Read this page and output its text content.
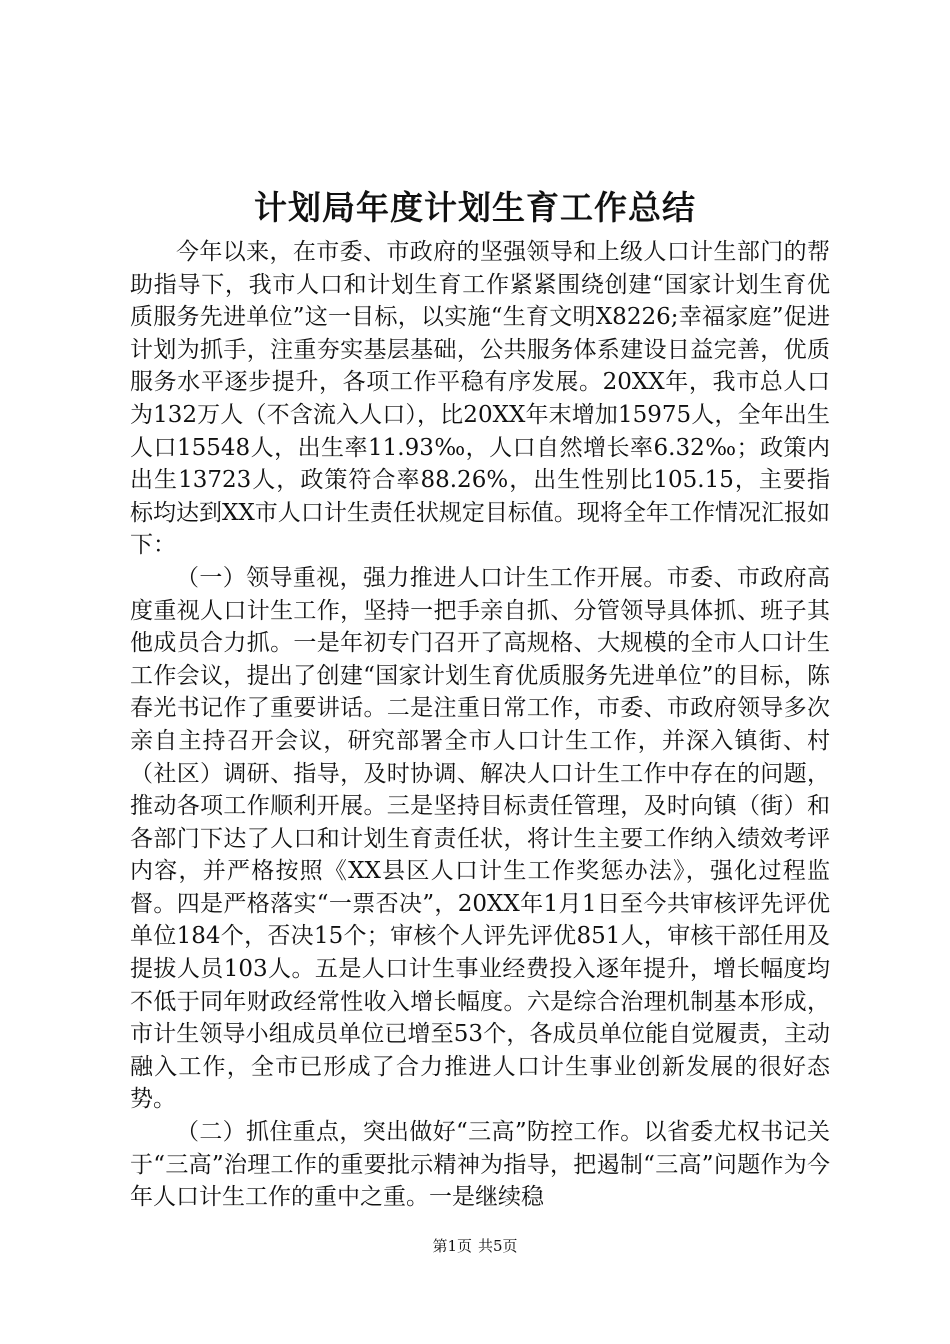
计划局年度计划生育工作总结

今年以来，在市委、市政府的坚强领导和上级人口计生部门的帮助指导下，我市人口和计划生育工作紧紧围绕创建“国家计划生育优质服务先进单位”这一目标，以实施“生育文明X8226;幸福家庭”促进计划为抓手，注重夯实基层基础，公共服务体系建设日益完善，优质服务水平逐步提升，各项工作平稳有序发展。20XX年，我市总人口为132万人（不含流入人口），比20XX年末增加15975人，全年出生人口15548人，出生率11.93‰，人口自然增长率6.32‰；政策内出生13723人，政策符合率88.26%，出生性别比105.15，主要指标均达到XX市人口计生责任状规定目标值。现将全年工作情况汇报如下：

（一）领导重视，强力推进人口计生工作开展。市委、市政府高度重视人口计生工作，坚持一把手亲自抓、分管领导具体抓、班子其他成员合力抓。一是年初专门召开了高规格、大规模的全市人口计生工作会议，提出了创建“国家计划生育优质服务先进单位”的目标，陈春光书记作了重要讲话。二是注重日常工作，市委、市政府领导多次亲自主持召开会议，研究部署全市人口计生工作，并深入镇街、村（社区）调研、指导，及时协调、解决人口计生工作中存在的问题，推动各项工作顺利开展。三是坚持目标责任管理，及时向镇（街）和各部门下达了人口和计划生育责任状，将计生主要工作纳入绩效考评内容，并严格按照《XX县区人口计生工作奖惩办法》，强化过程监督。四是严格落实“一票否决”，20XX年1月1日至今共审核评先评优单位184个，否决15个；审核个人评先评优851人，审核干部任用及提拔人员103人。五是人口计生事业经费投入逐年提升，增长幅度均不低于同年财政经常性收入增长幅度。六是综合治理机制基本形成，市计生领导小组成员单位已增至53个，各成员单位能自觉履责，主动融入工作，全市已形成了合力推进人口计生事业创新发展的很好态势。

（二）抓住重点，突出做好“三高”防控工作。以省委尤权书记关于“三高”治理工作的重要批示精神为指导，把遏制“三高”问题作为今年人口计生工作的重中之重。一是继续稳

第1页 共5页
